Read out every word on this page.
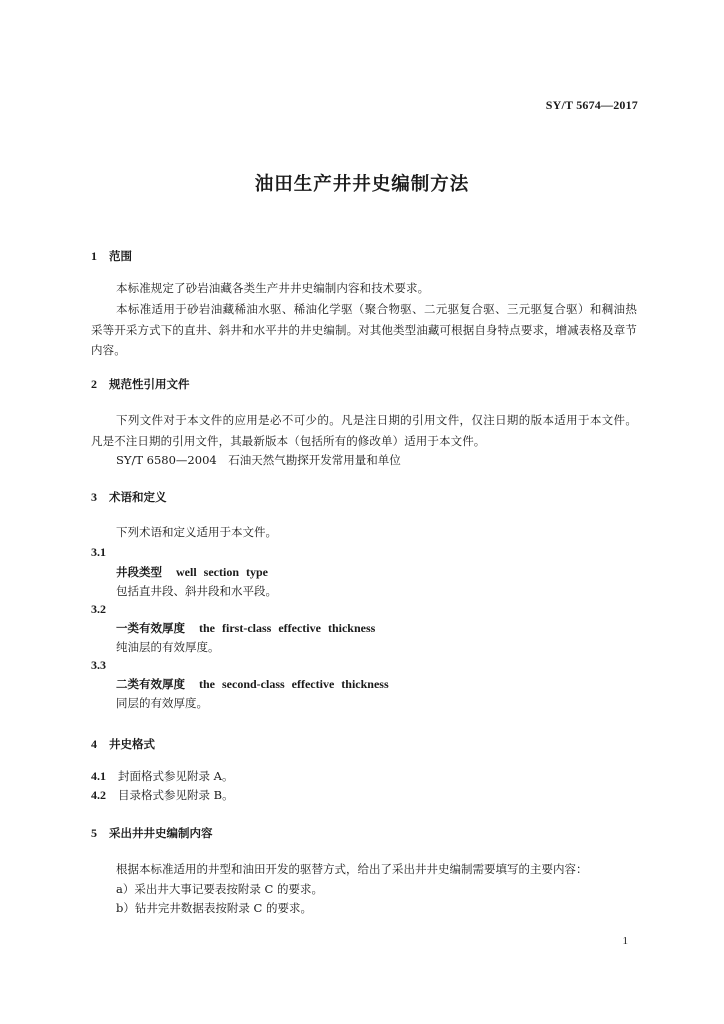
SY/T 5674—2017
油田生产井井史编制方法
1 范围
本标准规定了砂岩油藏各类生产井井史编制内容和技术要求。
本标准适用于砂岩油藏稀油水驱、稀油化学驱（聚合物驱、二元驱复合驱、三元驱复合驱）和稠油热采等开采方式下的直井、斜井和水平井的井史编制。对其他类型油藏可根据自身特点要求，增减表格及章节内容。
2 规范性引用文件
下列文件对于本文件的应用是必不可少的。凡是注日期的引用文件，仅注日期的版本适用于本文件。凡是不注日期的引用文件，其最新版本（包括所有的修改单）适用于本文件。
SY/T 6580—2004　石油天然气勘探开发常用量和单位
3 术语和定义
下列术语和定义适用于本文件。
3.1
井段类型 well section type
包括直井段、斜井段和水平段。
3.2
一类有效厚度 the first-class effective thickness
纯油层的有效厚度。
3.3
二类有效厚度 the second-class effective thickness
同层的有效厚度。
4 井史格式
4.1 封面格式参见附录 A。
4.2 目录格式参见附录 B。
5 采出井井史编制内容
根据本标准适用的井型和油田开发的驱替方式，给出了采出井井史编制需要填写的主要内容：
a）采出井大事记要表按附录 C 的要求。
b）钻井完井数据表按附录 C 的要求。
1
